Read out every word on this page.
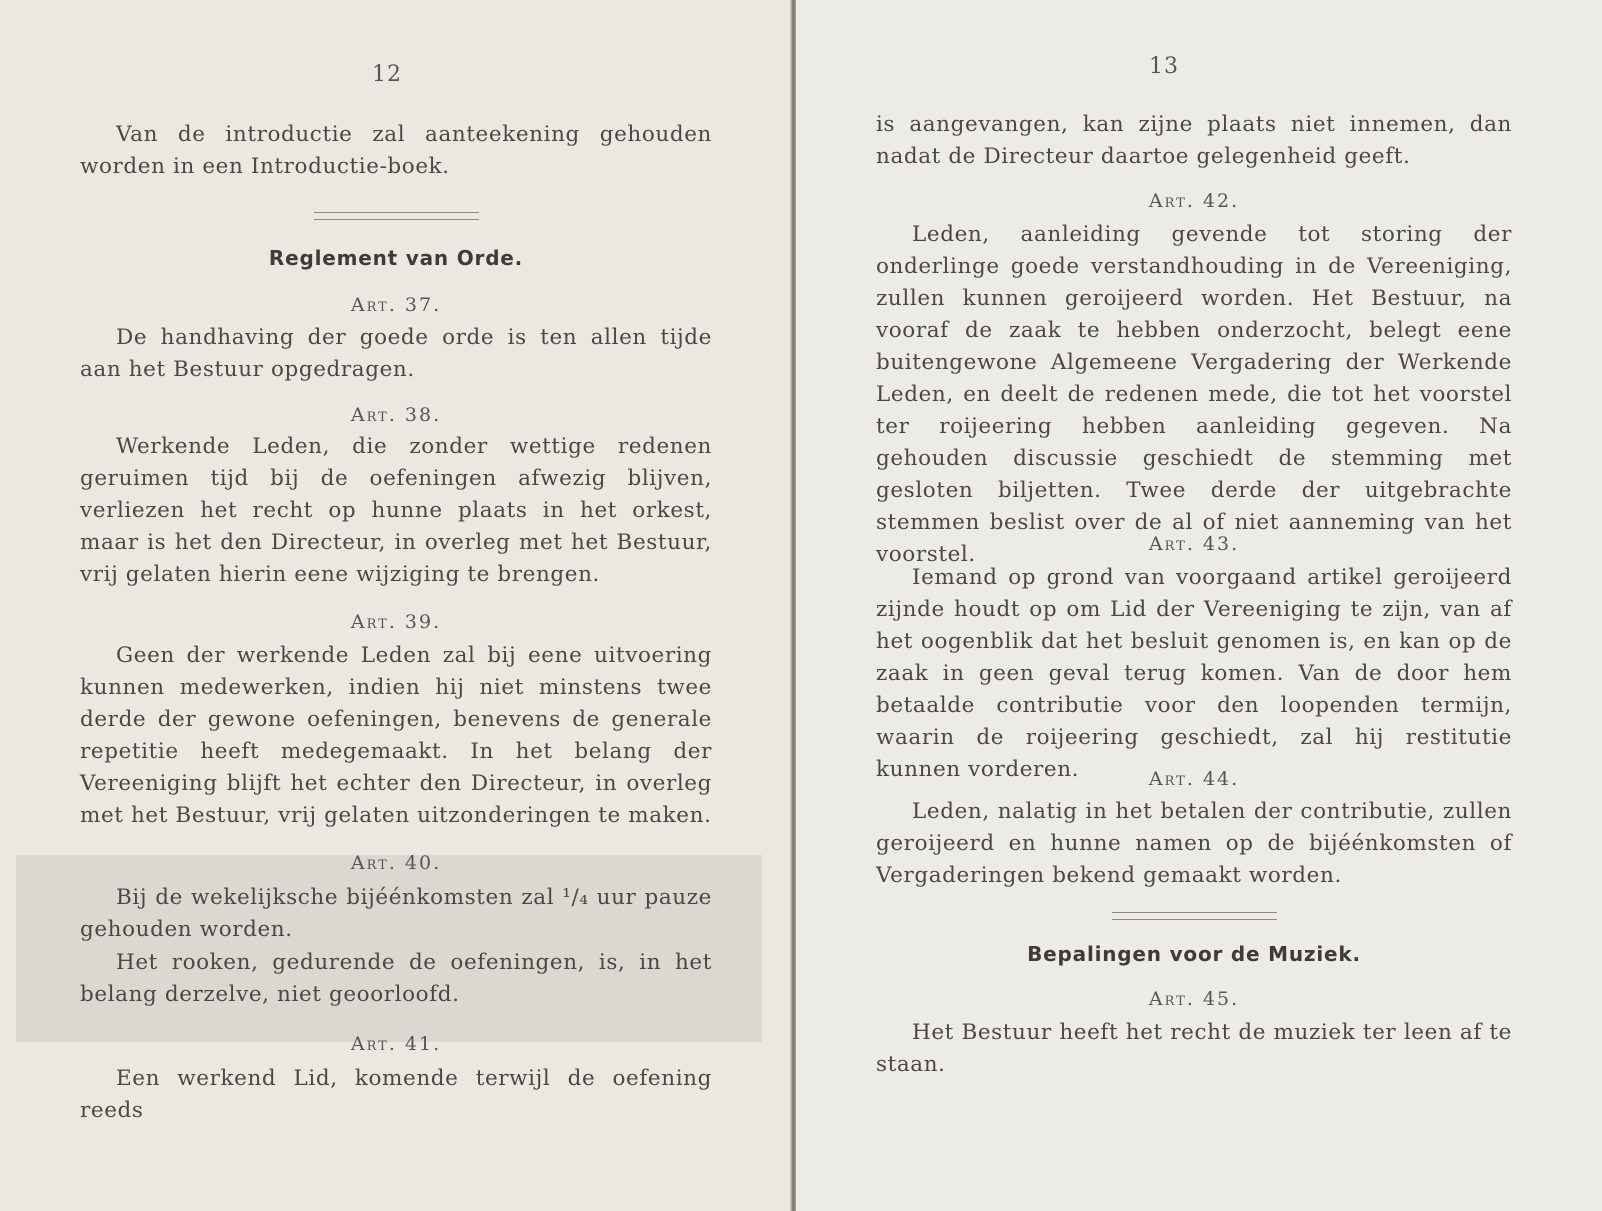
12

Van de introductie zal aanteekening gehouden worden in een Introductie-boek.

Reglement van Orde.
Art. 37.

De handhaving der goede orde is ten allen tijde aan het Bestuur opgedragen.

Art. 38.

Werkende Leden, die zonder wettige redenen geruimen tijd bij de oefeningen afwezig blijven, verliezen het recht op hunne plaats in het orkest, maar is het den Directeur, in overleg met het Bestuur, vrij gelaten hierin eene wijziging te brengen.

Art. 39.

Geen der werkende Leden zal bij eene uitvoering kunnen medewerken, indien hij niet minstens twee derde der gewone oefeningen, benevens de generale repetitie heeft medegemaakt. In het belang der Vereeniging blijft het echter den Directeur, in overleg met het Bestuur, vrij gelaten uitzonderingen te maken.

Art. 40.

Bij de wekelijksche bijéénkomsten zal ¹/₄ uur pauze gehouden worden.

Het rooken, gedurende de oefeningen, is, in het belang derzelve, niet geoorloofd.

Art. 41.

Een werkend Lid, komende terwijl de oefening reeds

13

is aangevangen, kan zijne plaats niet innemen, dan nadat de Directeur daartoe gelegenheid geeft.

Art. 42.

Leden, aanleiding gevende tot storing der onderlinge goede verstandhouding in de Vereeniging, zullen kunnen geroijeerd worden. Het Bestuur, na vooraf de zaak te hebben onderzocht, belegt eene buitengewone Algemeene Vergadering der Werkende Leden, en deelt de redenen mede, die tot het voorstel ter roijeering hebben aanleiding gegeven. Na gehouden discussie geschiedt de stemming met gesloten biljetten. Twee derde der uitgebrachte stemmen beslist over de al of niet aanneming van het voorstel.	Art. 43.

Iemand op grond van voorgaand artikel geroijeerd zijnde houdt op om Lid der Vereeniging te zijn, van af het oogenblik dat het besluit genomen is, en kan op de zaak in geen geval terug komen. Van de door hem betaalde contributie voor den loopenden termijn, waarin de roijeering geschiedt, zal hij restitutie kunnen vorderen.	Art. 44.

Leden, nalatig in het betalen der contributie, zullen geroijeerd en hunne namen op de bijéénkomsten of Vergaderingen bekend gemaakt worden.

Bepalingen voor de Muziek.
Art. 45.

Het Bestuur heeft het recht de muziek ter leen af te staan.
